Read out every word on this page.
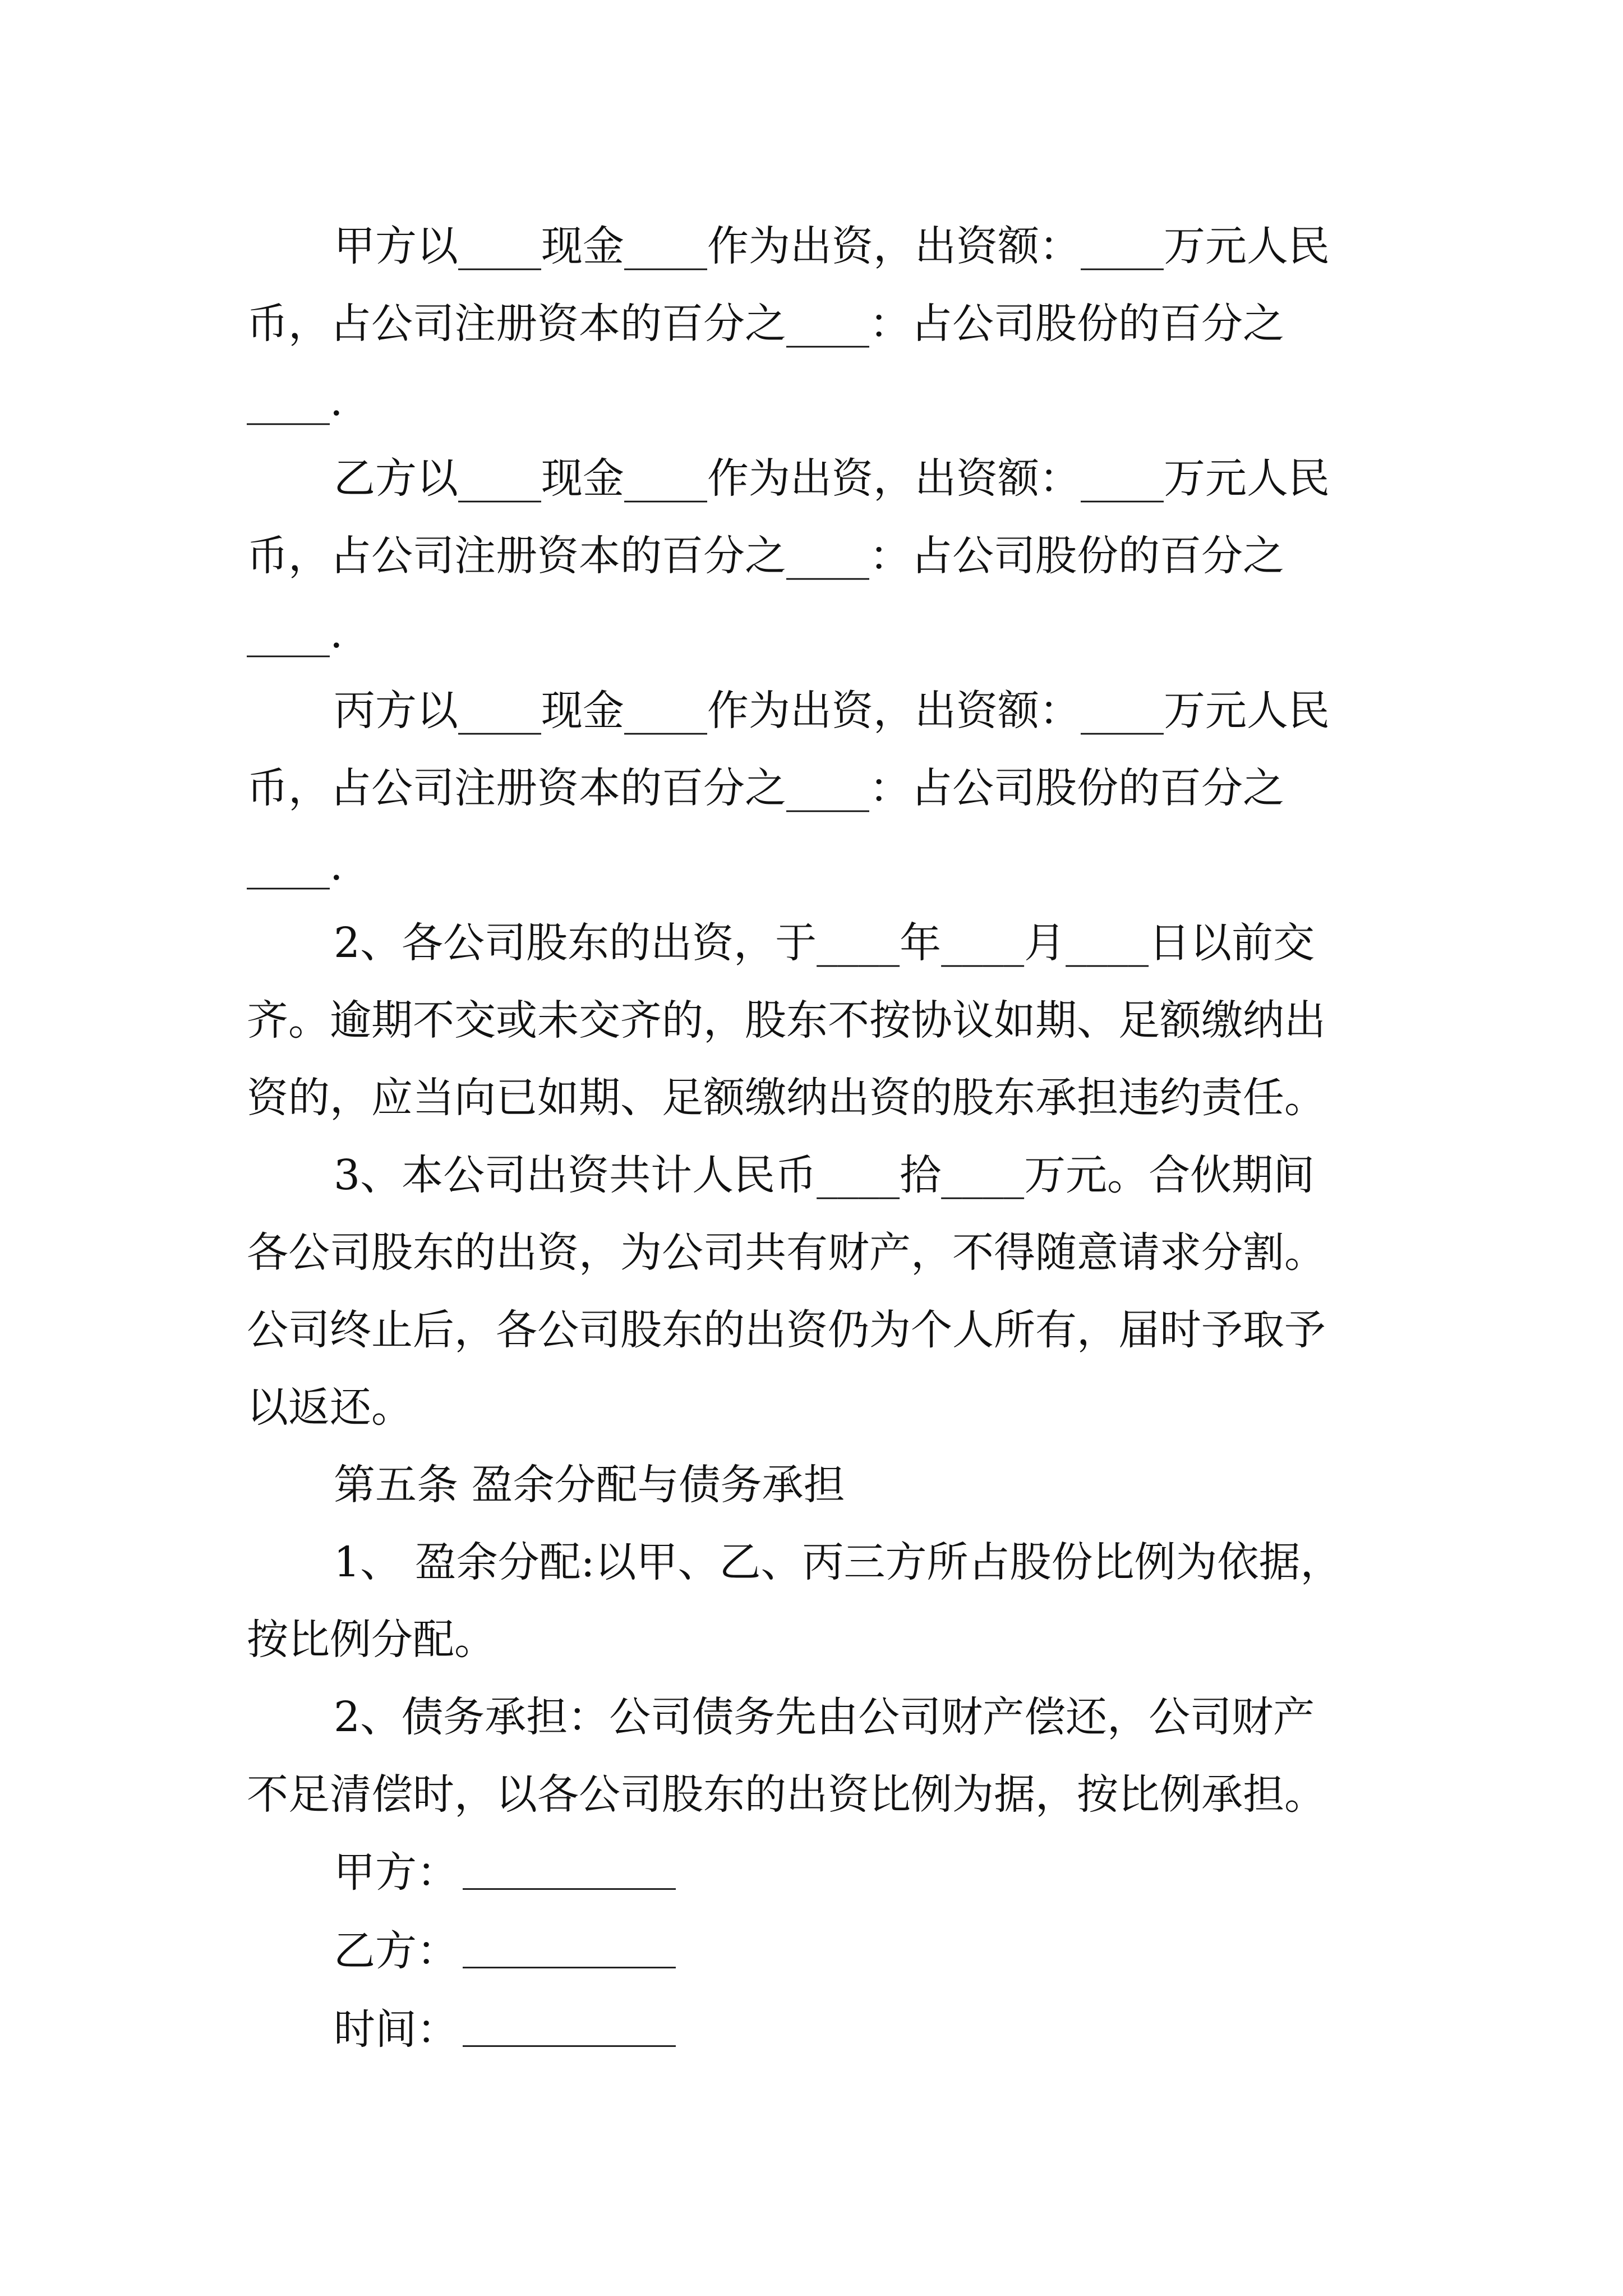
甲方以____现金____作为出资，出资额：____万元人民
币，占公司注册资本的百分之____：占公司股份的百分之
____.
乙方以____现金____作为出资，出资额：____万元人民
币，占公司注册资本的百分之____：占公司股份的百分之
____.
丙方以____现金____作为出资，出资额：____万元人民
币，占公司注册资本的百分之____：占公司股份的百分之
____.
2、各公司股东的出资，于____年____月____日以前交
齐。逾期不交或未交齐的，股东不按协议如期、足额缴纳出
资的，应当向已如期、足额缴纳出资的股东承担违约责任。
3、本公司出资共计人民币____拾____万元。合伙期间
各公司股东的出资，为公司共有财产，不得随意请求分割。
公司终止后，各公司股东的出资仍为个人所有，届时予取予
以返还。
第五条 盈余分配与债务承担
1、 盈余分配:以甲、乙、丙三方所占股份比例为依据，
按比例分配。
2、债务承担：公司债务先由公司财产偿还，公司财产
不足清偿时，以各公司股东的出资比例为据，按比例承担。
甲方：
乙方：
时间：
